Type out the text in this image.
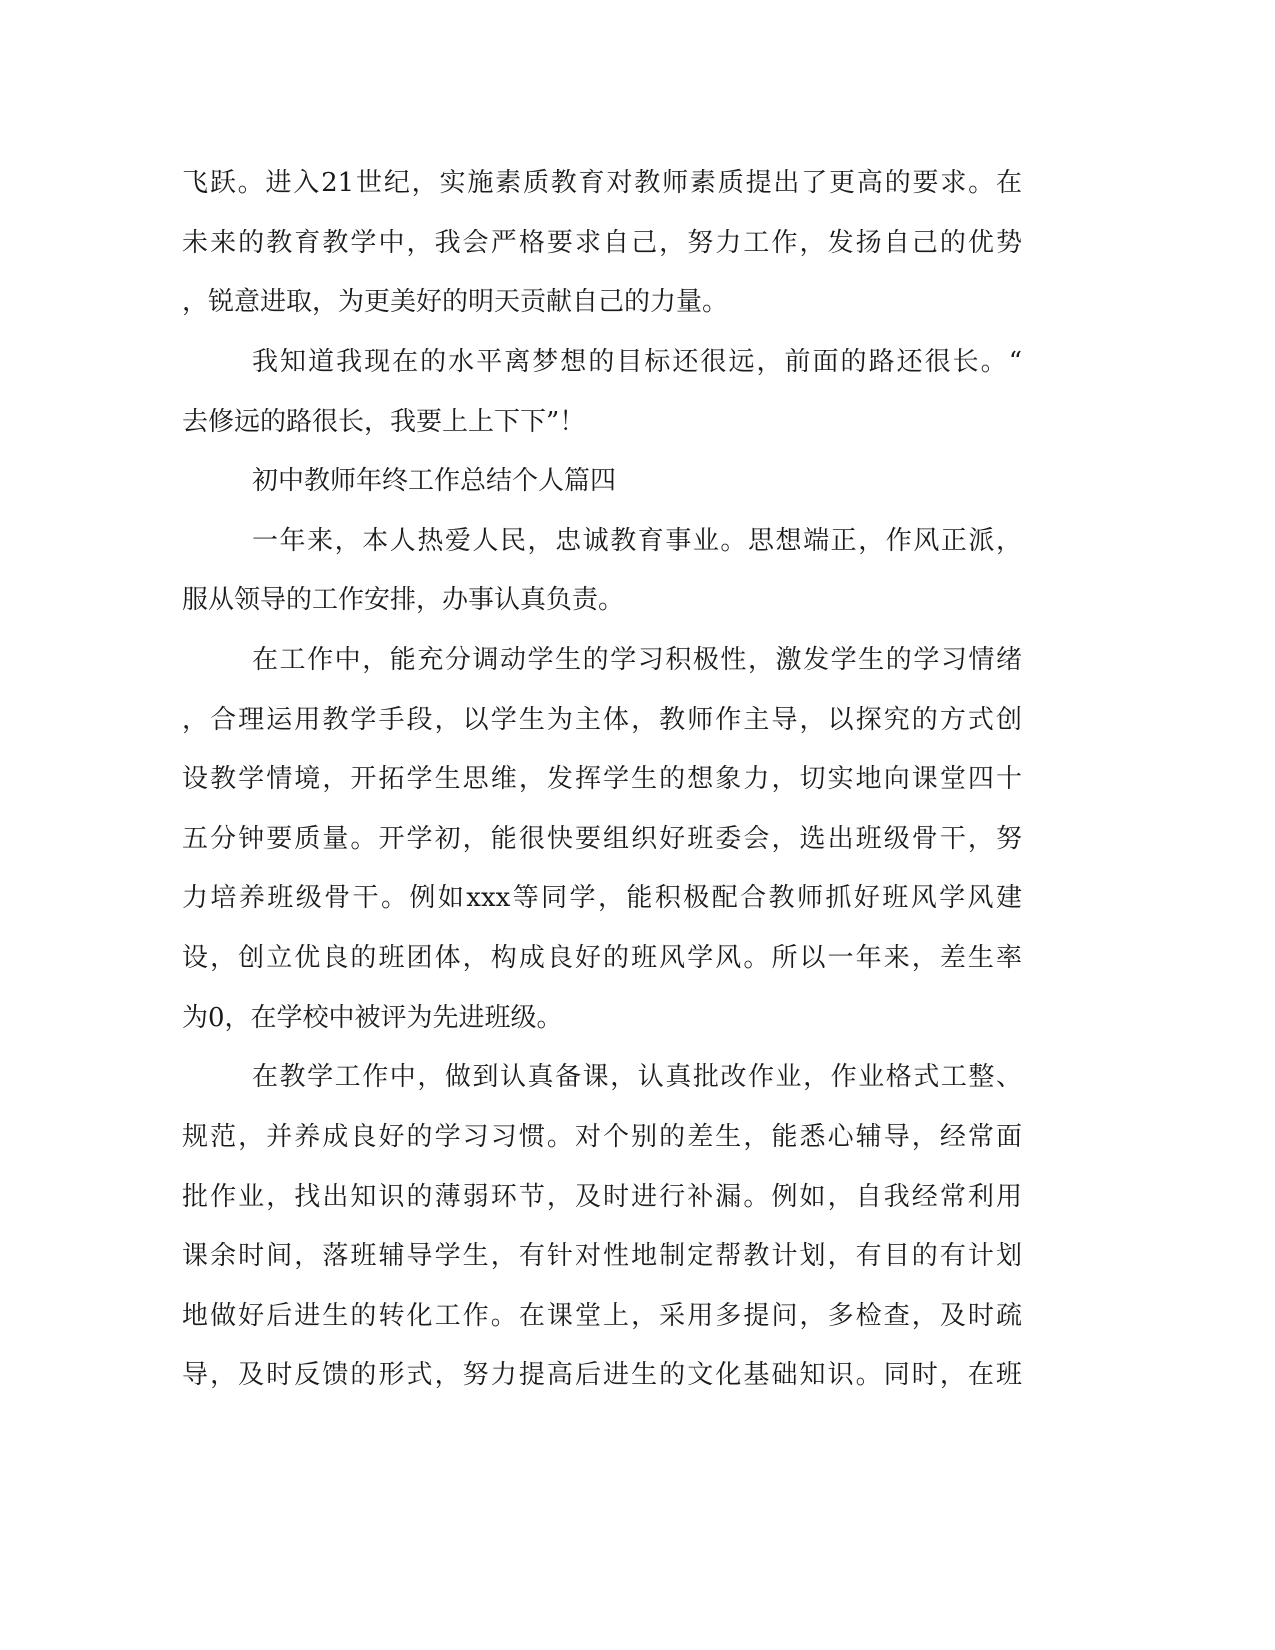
飞跃。进入21世纪，实施素质教育对教师素质提出了更高的要求。在
未来的教育教学中，我会严格要求自己，努力工作，发扬自己的优势
，锐意进取，为更美好的明天贡献自己的力量。
我知道我现在的水平离梦想的目标还很远，前面的路还很长。“
去修远的路很长，我要上上下下”！
初中教师年终工作总结个人篇四
一年来，本人热爱人民，忠诚教育事业。思想端正，作风正派，
服从领导的工作安排，办事认真负责。
在工作中，能充分调动学生的学习积极性，激发学生的学习情绪
，合理运用教学手段，以学生为主体，教师作主导，以探究的方式创
设教学情境，开拓学生思维，发挥学生的想象力，切实地向课堂四十
五分钟要质量。开学初，能很快要组织好班委会，选出班级骨干，努
力培养班级骨干。例如xxx等同学，能积极配合教师抓好班风学风建
设，创立优良的班团体，构成良好的班风学风。所以一年来，差生率
为0，在学校中被评为先进班级。
在教学工作中，做到认真备课，认真批改作业，作业格式工整、
规范，并养成良好的学习习惯。对个别的差生，能悉心辅导，经常面
批作业，找出知识的薄弱环节，及时进行补漏。例如，自我经常利用
课余时间，落班辅导学生，有针对性地制定帮教计划，有目的有计划
地做好后进生的转化工作。在课堂上，采用多提问，多检查，及时疏
导，及时反馈的形式，努力提高后进生的文化基础知识。同时，在班
